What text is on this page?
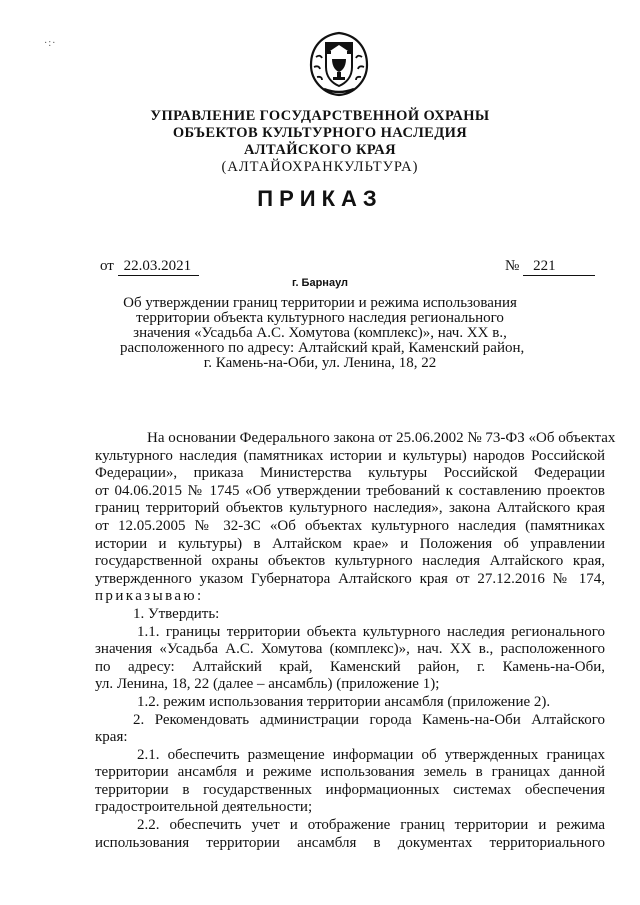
·:·
УПРАВЛЕНИЕ ГОСУДАРСТВЕННОЙ ОХРАНЫ
ОБЪЕКТОВ КУЛЬТУРНОГО НАСЛЕДИЯ
АЛТАЙСКОГО КРАЯ
(АЛТАЙОХРАНКУЛЬТУРА)
ПРИКАЗ
от 22.03.2021	№ 221
г. Барнаул
Об утверждении границ территории и режима использования
территории объекта культурного наследия регионального
значения «Усадьба А.С. Хомутова (комплекс)», нач. XX в.,
расположенного по адресу: Алтайский край, Каменский район,
г. Камень-на-Оби, ул. Ленина, 18, 22
На основании Федерального закона от 25.06.2002 № 73-ФЗ «Об объектах
культурного наследия (памятниках истории и культуры) народов Российской
Федерации», приказа Министерства культуры Российской Федерации
от 04.06.2015 № 1745 «Об утверждении требований к составлению проектов
границ территорий объектов культурного наследия», закона Алтайского края
от 12.05.2005 № 32-ЗС «Об объектах культурного наследия (памятниках
истории и культуры) в Алтайском крае» и Положения об управлении
государственной охраны объектов культурного наследия Алтайского края,
утвержденного указом Губернатора Алтайского края от 27.12.2016 № 174,
приказываю:
1. Утвердить:
1.1. границы территории объекта культурного наследия регионального
значения «Усадьба А.С. Хомутова (комплекс)», нач. XX в., расположенного
по адресу: Алтайский край, Каменский район, г. Камень-на-Оби,
ул. Ленина, 18, 22 (далее – ансамбль) (приложение 1);
1.2. режим использования территории ансамбля (приложение 2).
2. Рекомендовать администрации города Камень-на-Оби Алтайского
края:
2.1. обеспечить размещение информации об утвержденных границах
территории ансамбля и режиме использования земель в границах данной
территории в государственных информационных системах обеспечения
градостроительной деятельности;
2.2. обеспечить учет и отображение границ территории и режима
использования территории ансамбля в документах территориального
